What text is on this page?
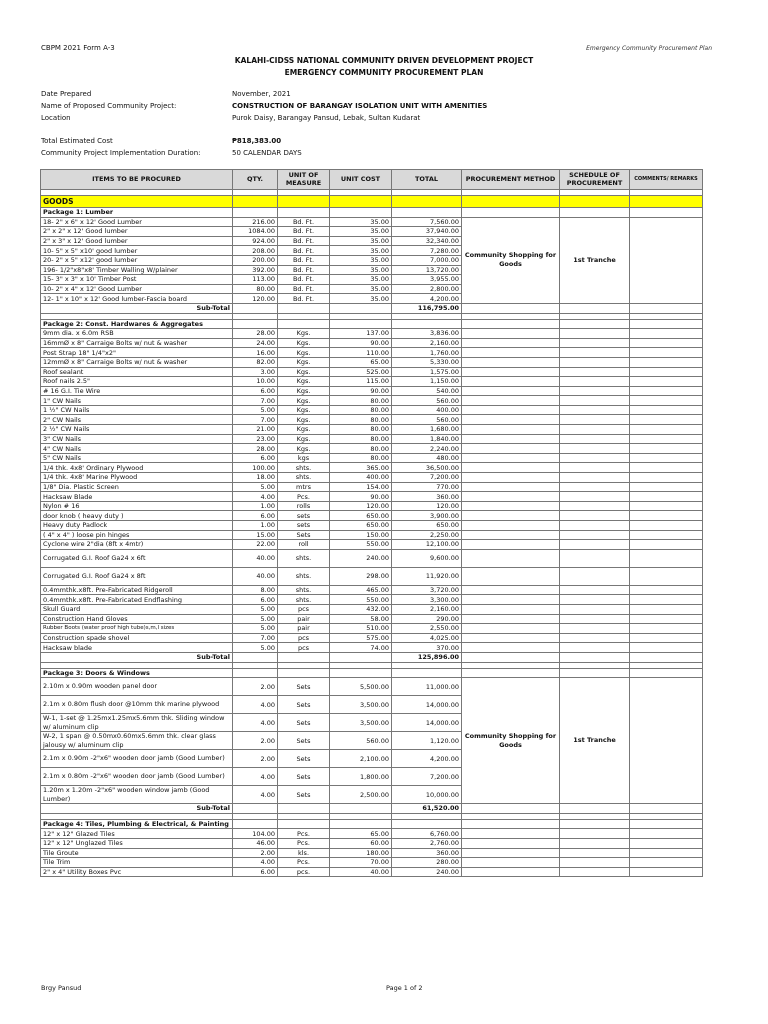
CBPM 2021 Form A-3	Emergency Community Procurement Plan
KALAHI-CIDSS NATIONAL COMMUNITY DRIVEN DEVELOPMENT PROJECT
EMERGENCY COMMUNITY PROCUREMENT PLAN
Date Prepared	November, 2021
Name of Proposed Community Project:	CONSTRUCTION OF BARANGAY ISOLATION UNIT WITH AMENITIES
Location	Purok Daisy, Barangay Pansud, Lebak, Sultan Kudarat
Total Estimated Cost	₱818,383.00
Community Project Implementation Duration:	50 CALENDAR DAYS
ITEMS TO BE PROCURED	QTY.	UNIT OF MEASURE	UNIT COST	TOTAL	PROCUREMENT METHOD	SCHEDULE OF PROCUREMENT	COMMENTS/ REMARKS

GOODS							
Package 1: Lumber							
18- 2" x 6" x 12' Good Lumber	216.00	Bd. Ft.	35.00	7,560.00	Community Shopping for Goods	1st Tranche	
2" x 2" x 12' Good lumber	1084.00	Bd. Ft.	35.00	37,940.00			
2" x 3" x 12' Good lumber	924.00	Bd. Ft.	35.00	32,340.00			
10- 5" x 5" x10' good lumber	208.00	Bd. Ft.	35.00	7,280.00			
20- 2" x 5" x12' good lumber	200.00	Bd. Ft.	35.00	7,000.00			
196- 1/2"x8"x8' Timber Walling W/plainer	392.00	Bd. Ft.	35.00	13,720.00			
15- 3" x 3" x 10' Timber Post	113.00	Bd. Ft.	35.00	3,955.00			
10- 2" x 4" x 12' Good Lumber	80.00	Bd. Ft.	35.00	2,800.00			
12- 1" x 10" x 12' Good lumber-Fascia board	120.00	Bd. Ft.	35.00	4,200.00			
Sub-Total				116,795.00			

Package 2: Const. Hardwares & Aggregates							
9mm dia. x 6.0m RSB	28.00	Kgs.	137.00	3,836.00			
16mmØ x 8" Carraige Bolts w/ nut & washer	24.00	Kgs.	90.00	2,160.00			
Post Strap 18" 1/4"x2"	16.00	Kgs.	110.00	1,760.00			
12mmØ x 8" Carraige Bolts w/ nut & washer	82.00	Kgs.	65.00	5,330.00			
Roof sealant	3.00	Kgs.	525.00	1,575.00			
Roof nails 2.5"	10.00	Kgs.	115.00	1,150.00			
# 16 G.I. Tie Wire	6.00	Kgs.	90.00	540.00			
1" CW Nails	7.00	Kgs.	80.00	560.00			
1 ½" CW Nails	5.00	Kgs.	80.00	400.00			
2" CW Nails	7.00	Kgs.	80.00	560.00			
2 ½" CW Nails	21.00	Kgs.	80.00	1,680.00			
3" CW Nails	23.00	Kgs.	80.00	1,840.00			
4" CW Nails	28.00	Kgs.	80.00	2,240.00			
5" CW Nails	6.00	kgs	80.00	480.00			
1/4 thk. 4x8' Ordinary Plywood	100.00	shts.	365.00	36,500.00			
1/4 thk. 4x8' Marine Plywood	18.00	shts.	400.00	7,200.00			
1/8" Dia. Plastic Screen	5.00	mtrs	154.00	770.00			
Hacksaw Blade	4.00	Pcs.	90.00	360.00			
Nylon # 16	1.00	rolls	120.00	120.00			
door knob ( heavy duty )	6.00	sets	650.00	3,900.00			
Heavy duty Padlock	1.00	sets	650.00	650.00			
( 4" x 4" ) loose pin hinges	15.00	Sets	150.00	2,250.00			
Cyclone wire 2"dia (8ft x 4mtr)	22.00	roll	550.00	12,100.00			
Corrugated G.I. Roof Ga24 x 6ft	40.00	shts.	240.00	9,600.00			
Corrugated G.I. Roof Ga24 x 8ft	40.00	shts.	298.00	11,920.00			
0.4mmthk.x8ft. Pre-Fabricated Ridgeroll	8.00	shts.	465.00	3,720.00			
0.4mmthk.x8ft. Pre-Fabricated Endflashing	6.00	shts.	550.00	3,300.00			
Skull Guard	5.00	pcs	432.00	2,160.00			
Construction Hand Gloves	5.00	pair	58.00	290.00			
Rubber Boots (water proof high tube)s,m,l sizes	5.00	pair	510.00	2,550.00			
Construction spade shovel	7.00	pcs	575.00	4,025.00			
Hacksaw blade	5.00	pcs	74.00	370.00			
Sub-Total				125,896.00			

Package 3: Doors & Windows							
2.10m x 0.90m wooden panel door	2.00	Sets	5,500.00	11,000.00	Community Shopping for Goods	1st Tranche	
2.1m x 0.80m flush door @10mm thk marine plywood	4.00	Sets	3,500.00	14,000.00			
W-1, 1-set @ 1.25mx1.25mx5.6mm thk. Sliding window w/ aluminum clip	4.00	Sets	3,500.00	14,000.00			
W-2, 1 span @ 0.50mx0.60mx5.6mm thk. clear glass jalousy w/ aluminum clip	2.00	Sets	560.00	1,120.00			
2.1m x 0.90m -2"x6" wooden door jamb (Good Lumber)	2.00	Sets	2,100.00	4,200.00			
2.1m x 0.80m -2"x6" wooden door jamb (Good Lumber)	4.00	Sets	1,800.00	7,200.00			
1.20m x 1.20m -2"x6" wooden window jamb (Good Lumber)	4.00	Sets	2,500.00	10,000.00			
Sub-Total				61,520.00			

Package 4: Tiles, Plumbing & Electrical, & Painting							
12" x 12" Glazed Tiles	104.00	Pcs.	65.00	6,760.00			
12" x 12" Unglazed Tiles	46.00	Pcs.	60.00	2,760.00			
Tile Groute	2.00	kls.	180.00	360.00			
Tile Trim	4.00	Pcs.	70.00	280.00			
2" x 4" Utility Boxes Pvc	6.00	pcs.	40.00	240.00			
Brgy Pansud	Page 1 of 2
